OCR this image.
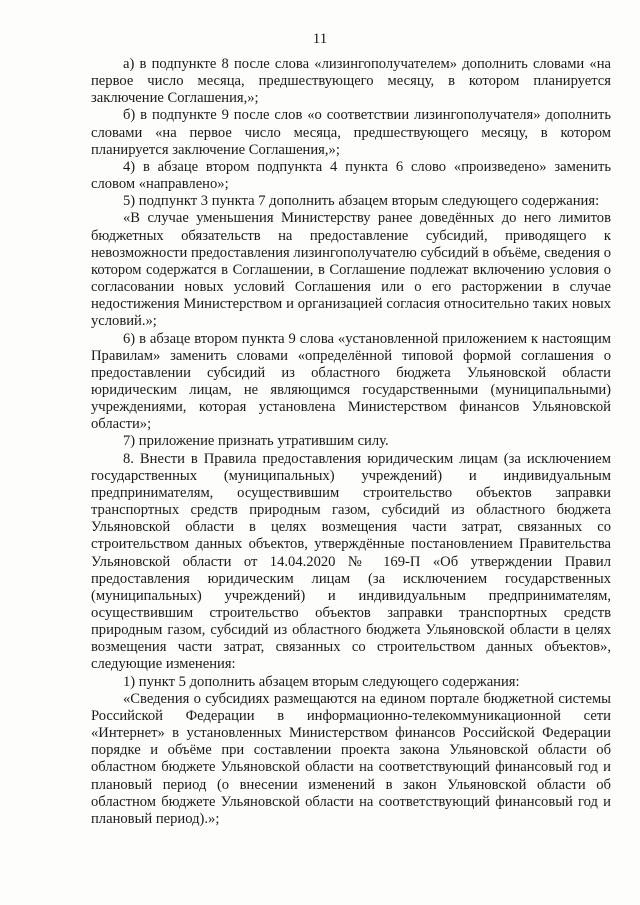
11

а) в подпункте 8 после слова «лизингополучателем» дополнить словами «на первое число месяца, предшествующего месяцу, в котором планируется заключение Соглашения,»;

б) в подпункте 9 после слов «о соответствии лизингополучателя» дополнить словами «на первое число месяца, предшествующего месяцу, в котором планируется заключение Соглашения,»;

4) в абзаце втором подпункта 4 пункта 6 слово «произведено» заменить словом «направлено»;

5) подпункт 3 пункта 7 дополнить абзацем вторым следующего содержания:

«В случае уменьшения Министерству ранее доведённых до него лимитов бюджетных обязательств на предоставление субсидий, приводящего к невозможности предоставления лизингополучателю субсидий в объёме, сведения о котором содержатся в Соглашении, в Соглашение подлежат включению условия о согласовании новых условий Соглашения или о его расторжении в случае недостижения Министерством и организацией согласия относительно таких новых условий.»;

6) в абзаце втором пункта 9 слова «установленной приложением к настоящим Правилам» заменить словами «определённой типовой формой соглашения о предоставлении субсидий из областного бюджета Ульяновской области юридическим лицам, не являющимся государственными (муниципальными) учреждениями, которая установлена Министерством финансов Ульяновской области»;

7) приложение признать утратившим силу.

8. Внести в Правила предоставления юридическим лицам (за исключением государственных (муниципальных) учреждений) и индивидуальным предпринимателям, осуществившим строительство объектов заправки транспортных средств природным газом, субсидий из областного бюджета Ульяновской области в целях возмещения части затрат, связанных со строительством данных объектов, утверждённые постановлением Правительства Ульяновской области от 14.04.2020 № 169-П «Об утверждении Правил предоставления юридическим лицам (за исключением государственных (муниципальных) учреждений) и индивидуальным предпринимателям, осуществившим строительство объектов заправки транспортных средств природным газом, субсидий из областного бюджета Ульяновской области в целях возмещения части затрат, связанных со строительством данных объектов», следующие изменения:

1) пункт 5 дополнить абзацем вторым следующего содержания:

«Сведения о субсидиях размещаются на едином портале бюджетной системы Российской Федерации в информационно-телекоммуникационной сети «Интернет» в установленных Министерством финансов Российской Федерации порядке и объёме при составлении проекта закона Ульяновской области об областном бюджете Ульяновской области на соответствующий финансовый год и плановый период (о внесении изменений в закон Ульяновской области об областном бюджете Ульяновской области на соответствующий финансовый год и плановый период).»;
